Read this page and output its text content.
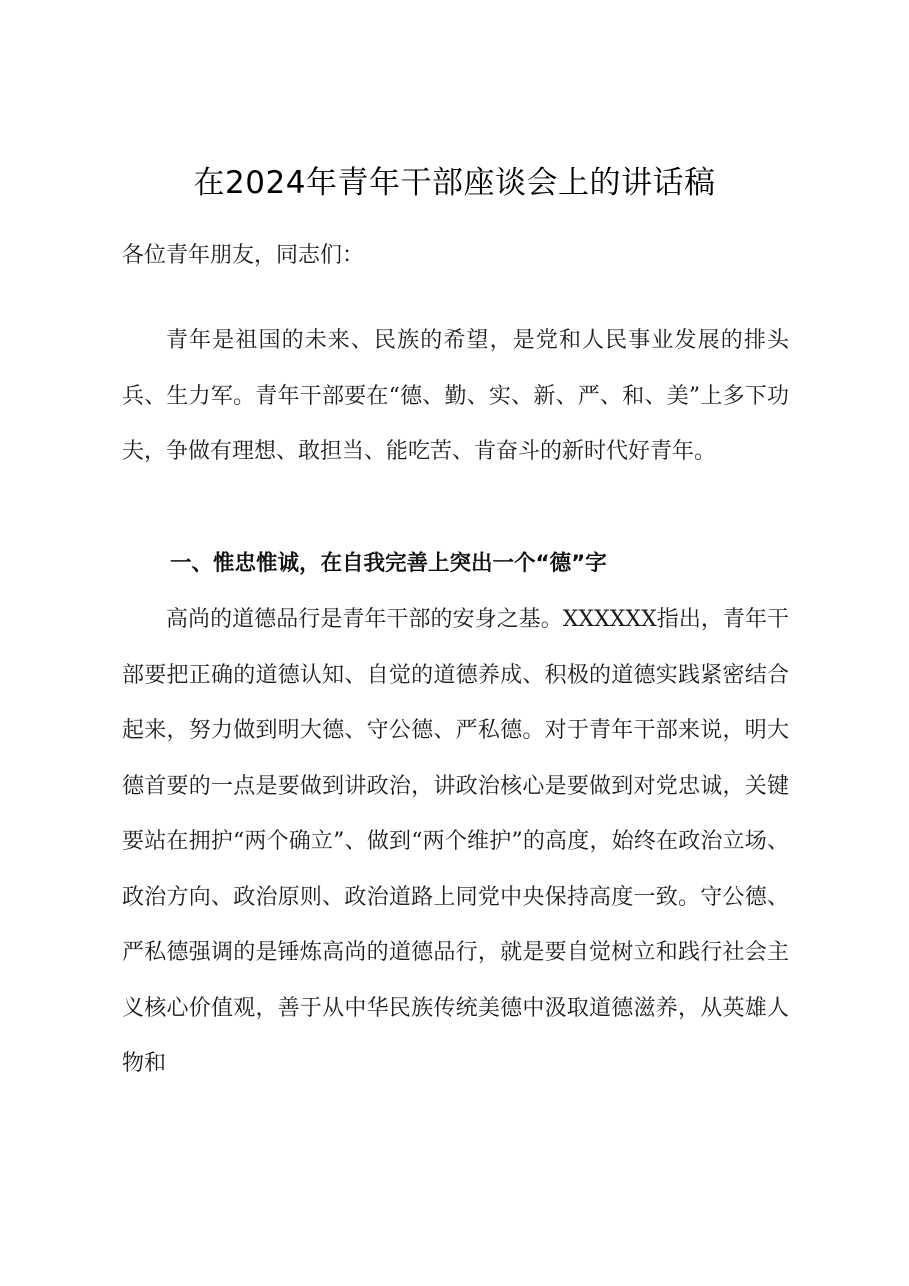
在2024年青年干部座谈会上的讲话稿
各位青年朋友，同志们：
青年是祖国的未来、民族的希望，是党和人民事业发展的排头兵、生力军。青年干部要在“德、勤、实、新、严、和、美”上多下功夫，争做有理想、敢担当、能吃苦、肯奋斗的新时代好青年。
一、惟忠惟诚，在自我完善上突出一个“德”字
高尚的道德品行是青年干部的安身之基。XXXXXX指出，青年干部要把正确的道德认知、自觉的道德养成、积极的道德实践紧密结合起来，努力做到明大德、守公德、严私德。对于青年干部来说，明大德首要的一点是要做到讲政治，讲政治核心是要做到对党忠诚，关键要站在拥护“两个确立”、做到“两个维护”的高度，始终在政治立场、政治方向、政治原则、政治道路上同党中央保持高度一致。守公德、严私德强调的是锤炼高尚的道德品行，就是要自觉树立和践行社会主义核心价值观，善于从中华民族传统美德中汲取道德滋养，从英雄人物和
